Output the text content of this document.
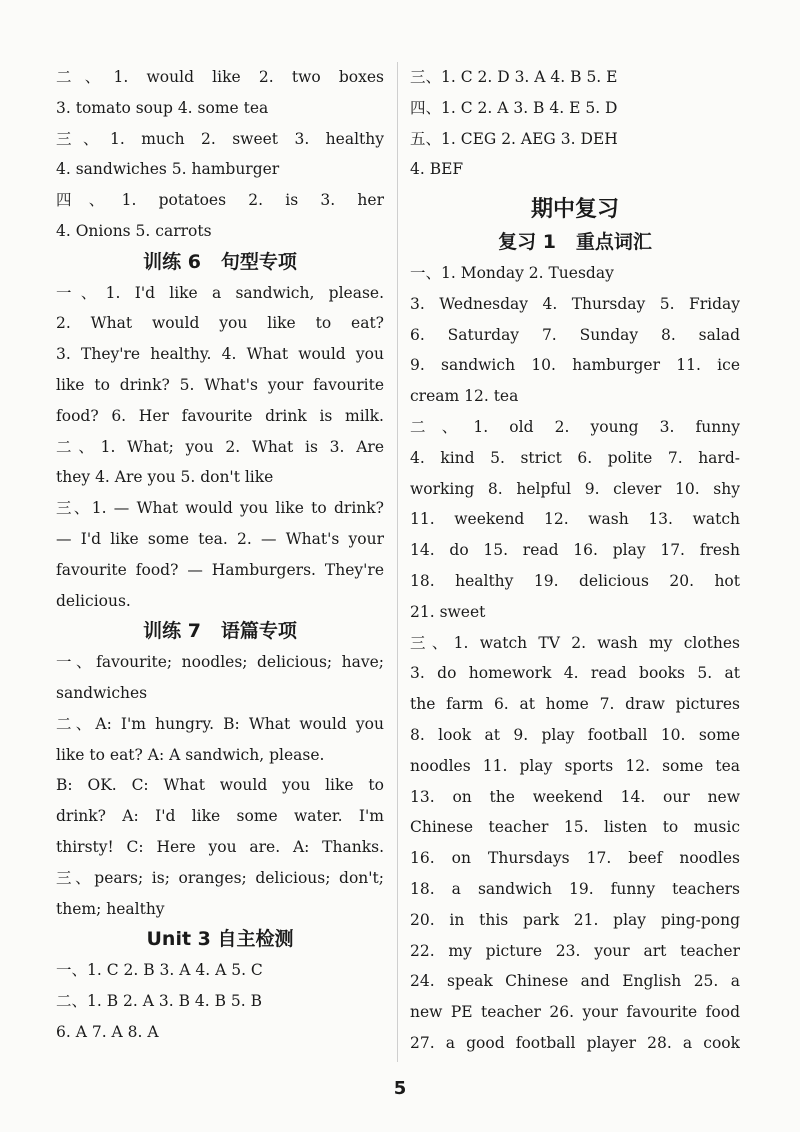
二、1. would like 2. two boxes
3. tomato soup 4. some tea
三、1. much 2. sweet 3. healthy
4. sandwiches 5. hamburger
四、1. potatoes 2. is 3. her
4. Onions 5. carrots
训练 6   句型专项
一、1. I'd like a sandwich, please.
2. What would you like to eat?
3. They're healthy. 4. What would you
like to drink? 5. What's your favourite
food? 6. Her favourite drink is milk.
二、1. What; you 2. What is 3. Are
they 4. Are you 5. don't like
三、1. — What would you like to drink?
— I'd like some tea. 2. — What's your
favourite food? — Hamburgers. They're
delicious.
训练 7   语篇专项
一、favourite; noodles; delicious; have;
sandwiches
二、A: I'm hungry. B: What would you
like to eat? A: A sandwich, please.
B: OK. C: What would you like to
drink? A: I'd like some water. I'm
thirsty! C: Here you are. A: Thanks.
三、pears; is; oranges; delicious; don't;
them; healthy
Unit 3 自主检测
一、1. C 2. B 3. A 4. A 5. C
二、1. B 2. A 3. B 4. B 5. B
6. A 7. A 8. A
三、1. C 2. D 3. A 4. B 5. E
四、1. C 2. A 3. B 4. E 5. D
五、1. CEG 2. AEG 3. DEH
4. BEF
期中复习
复习 1   重点词汇
一、1. Monday 2. Tuesday
3. Wednesday 4. Thursday 5. Friday
6. Saturday 7. Sunday 8. salad
9. sandwich 10. hamburger 11. ice
cream 12. tea
二、1. old 2. young 3. funny
4. kind 5. strict 6. polite 7. hard-
working 8. helpful 9. clever 10. shy
11. weekend 12. wash 13. watch
14. do 15. read 16. play 17. fresh
18. healthy 19. delicious 20. hot
21. sweet
三、1. watch TV 2. wash my clothes
3. do homework 4. read books 5. at
the farm 6. at home 7. draw pictures
8. look at 9. play football 10. some
noodles 11. play sports 12. some tea
13. on the weekend 14. our new
Chinese teacher 15. listen to music
16. on Thursdays 17. beef noodles
18. a sandwich 19. funny teachers
20. in this park 21. play ping-pong
22. my picture 23. your art teacher
24. speak Chinese and English 25. a
new PE teacher 26. your favourite food
27. a good football player 28. a cook
5
